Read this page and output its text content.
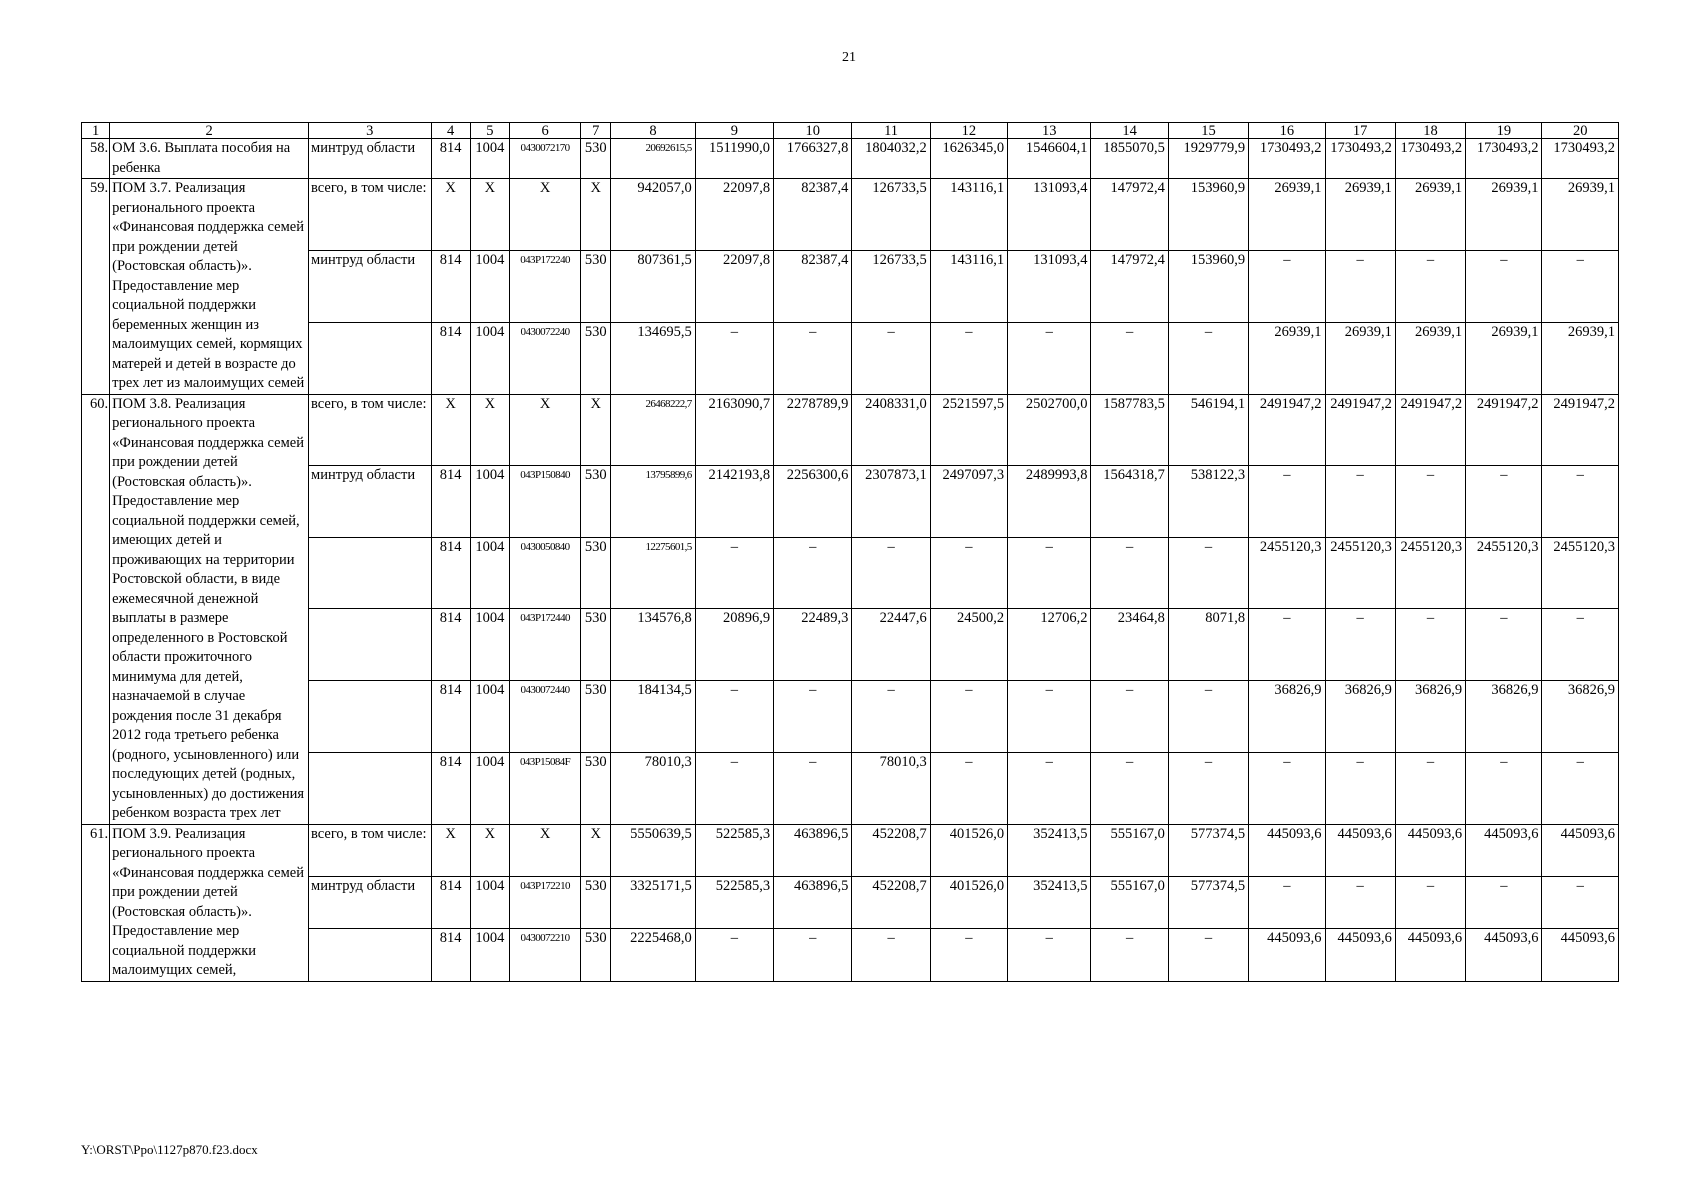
21
1	2	3	4	5	6	7	8	9	10	11	12	13	14	15	16	17	18	19	20
58.	ОМ 3.6. Выплата пособия на ребенка	минтруд области	814	1004	0430072170	530	20692615,5	1511990,0	1766327,8	1804032,2	1626345,0	1546604,1	1855070,5	1929779,9	1730493,2	1730493,2	1730493,2	1730493,2	1730493,2
59.	ПОМ 3.7. Реализация регионального проекта «Финансовая поддержка семей при рождении детей (Ростовская область)». Предоставление мер социальной поддержки беременных женщин из малоимущих семей, кормящих матерей и детей в возрасте до трех лет из малоимущих семей	всего, в том числе:	Х	Х	Х	Х	942057,0	22097,8	82387,4	126733,5	143116,1	131093,4	147972,4	153960,9	26939,1	26939,1	26939,1	26939,1	26939,1
		минтруд области	814	1004	043P172240	530	807361,5	22097,8	82387,4	126733,5	143116,1	131093,4	147972,4	153960,9	–	–	–	–	–
			814	1004	0430072240	530	134695,5	–	–	–	–	–	–	–	26939,1	26939,1	26939,1	26939,1	26939,1
60.	ПОМ 3.8. Реализация регионального проекта «Финансовая поддержка семей при рождении детей (Ростовская область)». Предоставление мер социальной поддержки семей, имеющих детей и проживающих на территории Ростовской области, в виде ежемесячной денежной выплаты в размере определенного в Ростовской области прожиточного минимума для детей, назначаемой в случае рождения после 31 декабря 2012 года третьего ребенка (родного, усыновленного) или последующих детей (родных, усыновленных) до достижения ребенком возраста трех лет	всего, в том числе:	Х	Х	Х	Х	26468222,7	2163090,7	2278789,9	2408331,0	2521597,5	2502700,0	1587783,5	546194,1	2491947,2	2491947,2	2491947,2	2491947,2	2491947,2
		минтруд области	814	1004	043P150840	530	13795899,6	2142193,8	2256300,6	2307873,1	2497097,3	2489993,8	1564318,7	538122,3	–	–	–	–	–
			814	1004	0430050840	530	12275601,5	–	–	–	–	–	–	–	2455120,3	2455120,3	2455120,3	2455120,3	2455120,3
			814	1004	043P172440	530	134576,8	20896,9	22489,3	22447,6	24500,2	12706,2	23464,8	8071,8	–	–	–	–	–
			814	1004	0430072440	530	184134,5	–	–	–	–	–	–	–	36826,9	36826,9	36826,9	36826,9	36826,9
			814	1004	043P15084F	530	78010,3	–	–	78010,3	–	–	–	–	–	–	–	–	–
61.	ПОМ 3.9. Реализация регионального проекта «Финансовая поддержка семей при рождении детей (Ростовская область)». Предоставление мер социальной поддержки малоимущих семей,	всего, в том числе:	Х	Х	Х	Х	5550639,5	522585,3	463896,5	452208,7	401526,0	352413,5	555167,0	577374,5	445093,6	445093,6	445093,6	445093,6	445093,6
		минтруд области	814	1004	043P172210	530	3325171,5	522585,3	463896,5	452208,7	401526,0	352413,5	555167,0	577374,5	–	–	–	–	–
			814	1004	0430072210	530	2225468,0	–	–	–	–	–	–	–	445093,6	445093,6	445093,6	445093,6	445093,6
Y:\ORST\Ppo\1127p870.f23.docx
